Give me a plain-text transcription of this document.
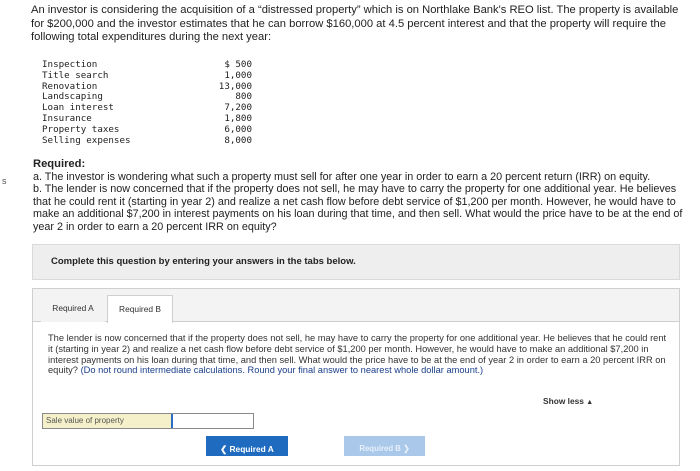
s
An investor is considering the acquisition of a “distressed property” which is on Northlake Bank's REO list. The property is available for $200,000 and the investor estimates that he can borrow $160,000 at 4.5 percent interest and that the property will require the following total expenditures during the next year:
Inspection	$ 500
Title search	1,000
Renovation	13,000
Landscaping	800
Loan interest	7,200
Insurance	1,800
Property taxes	6,000
Selling expenses	8,000
Required:

a. The investor is wondering what such a property must sell for after one year in order to earn a 20 percent return (IRR) on equity.

b. The lender is now concerned that if the property does not sell, he may have to carry the property for one additional year. He believes that he could rent it (starting in year 2) and realize a net cash flow before debt service of $1,200 per month. However, he would have to make an additional $7,200 in interest payments on his loan during that time, and then sell. What would the price have to be at the end of year 2 in order to earn a 20 percent IRR on equity?

Complete this question by entering your answers in the tabs below.
Required A	Required B
The lender is now concerned that if the property does not sell, he may have to carry the property for one additional year. He believes that he could rent it (starting in year 2) and realize a net cash flow before debt service of $1,200 per month. However, he would have to make an additional $7,200 in interest payments on his loan during that time, and then sell. What would the price have to be at the end of year 2 in order to earn a 20 percent IRR on equity? (Do not round intermediate calculations. Round your final answer to nearest whole dollar amount.)
Show less ▲
Sale value of property
❮ Required A	Required B ❯
